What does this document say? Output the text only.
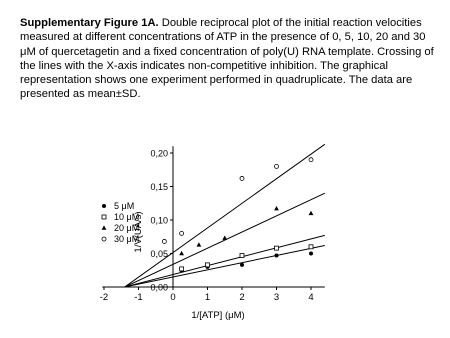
Supplementary Figure 1A. Double reciprocal plot of the initial reaction velocities measured at different concentrations of ATP in the presence of 0, 5, 10, 20 and 30 μM of quercetagetin and a fixed concentration of poly(U) RNA template. Crossing of the lines with the X-axis indicates non-competitive inhibition. The graphical representation shows one experiment performed in quadruplicate. The data are presented as mean±SD.
-2	-1	0	1	2	3	4
0,00
0,05
0,10
0,15
0,20
5 μM
10 μM
20 μM
30 μM
1/[ATP] (μM)
1/V(UA/s)
